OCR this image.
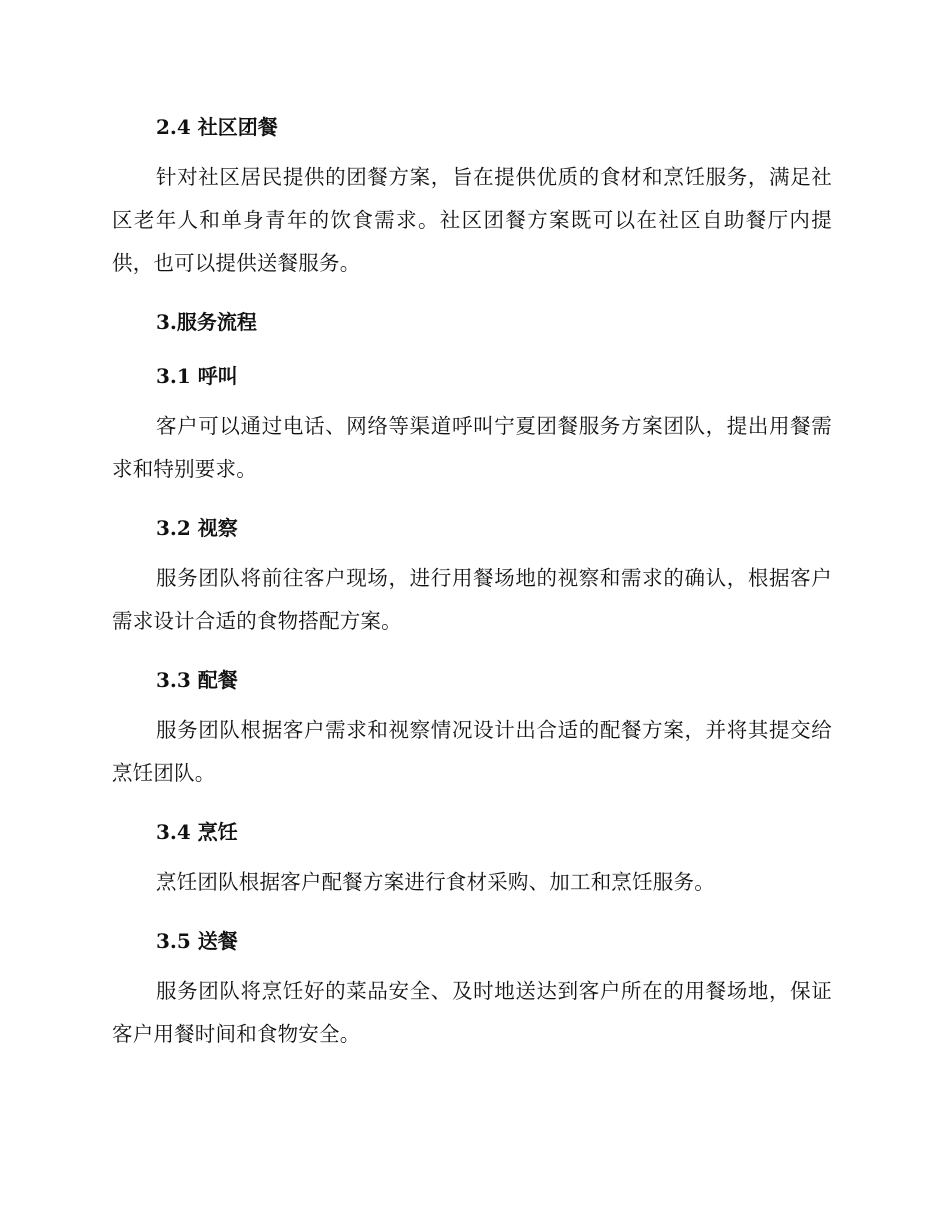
2.4 社区团餐

针对社区居民提供的团餐方案，旨在提供优质的食材和烹饪服务，满足社区老年人和单身青年的饮食需求。社区团餐方案既可以在社区自助餐厅内提供，也可以提供送餐服务。

3.服务流程
3.1 呼叫

客户可以通过电话、网络等渠道呼叫宁夏团餐服务方案团队，提出用餐需求和特别要求。

3.2 视察

服务团队将前往客户现场，进行用餐场地的视察和需求的确认，根据客户需求设计合适的食物搭配方案。

3.3 配餐

服务团队根据客户需求和视察情况设计出合适的配餐方案，并将其提交给烹饪团队。

3.4 烹饪

烹饪团队根据客户配餐方案进行食材采购、加工和烹饪服务。

3.5 送餐

服务团队将烹饪好的菜品安全、及时地送达到客户所在的用餐场地，保证客户用餐时间和食物安全。
